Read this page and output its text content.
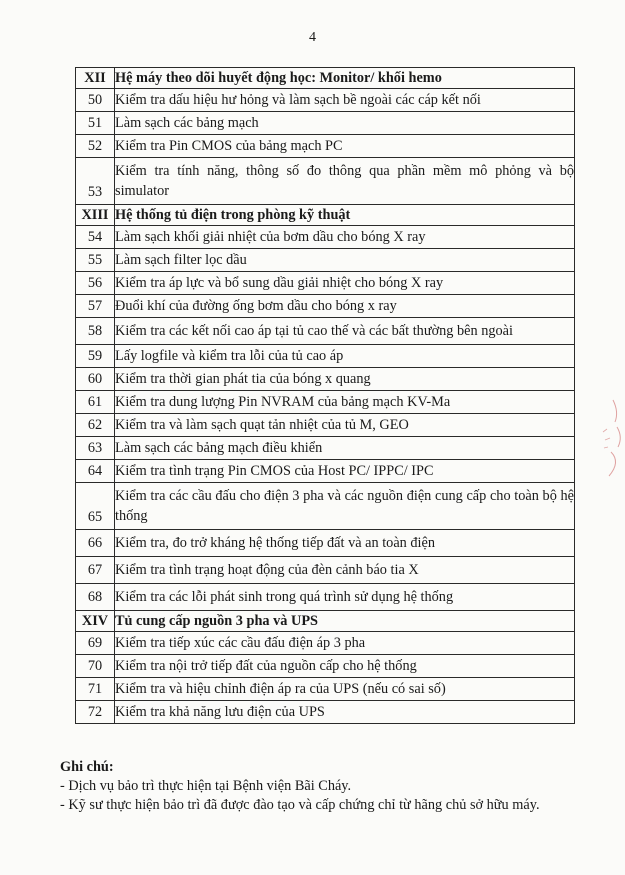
4
XII	Hệ máy theo dõi huyết động học: Monitor/ khối hemo
50	Kiểm tra dấu hiệu hư hỏng và làm sạch bề ngoài các cáp kết nối
51	Làm sạch các bảng mạch
52	Kiểm tra Pin CMOS của bảng mạch PC
53	Kiểm tra tính năng, thông số đo thông qua phần mềm mô phỏng và bộ simulator
XIII	Hệ thống tủ điện trong phòng kỹ thuật
54	Làm sạch khối giải nhiệt của bơm dầu cho bóng X ray
55	Làm sạch filter lọc dầu
56	Kiểm tra áp lực và bổ sung dầu giải nhiệt cho bóng X ray
57	Đuổi khí của đường ống bơm dầu cho bóng x ray
58	Kiểm tra các kết nối cao áp tại tủ cao thế và các bất thường bên ngoài
59	Lấy logfile và kiểm tra lỗi của tủ cao áp
60	Kiểm tra thời gian phát tia của bóng x quang
61	Kiểm tra dung lượng Pin NVRAM của bảng mạch KV-Ma
62	Kiểm tra và làm sạch quạt tản nhiệt của tủ M, GEO
63	Làm sạch các bảng mạch điều khiển
64	Kiểm tra tình trạng Pin CMOS của Host PC/ IPPC/ IPC
65	Kiểm tra các cầu đấu cho điện 3 pha và các nguồn điện cung cấp cho toàn bộ hệ thống
66	Kiểm tra, đo trở kháng hệ thống tiếp đất và an toàn điện
67	Kiểm tra tình trạng hoạt động của đèn cảnh báo tia X
68	Kiểm tra các lỗi phát sinh trong quá trình sử dụng hệ thống
XIV	Tủ cung cấp nguồn 3 pha và UPS
69	Kiểm tra tiếp xúc các cầu đấu điện áp 3 pha
70	Kiểm tra nội trở tiếp đất của nguồn cấp cho hệ thống
71	Kiểm tra và hiệu chỉnh điện áp ra của UPS (nếu có sai số)
72	Kiểm tra khả năng lưu điện của UPS
Ghi chú:
- Dịch vụ bảo trì thực hiện tại Bệnh viện Bãi Cháy.
- Kỹ sư thực hiện bảo trì đã được đào tạo và cấp chứng chỉ từ hãng chủ sở hữu máy.
